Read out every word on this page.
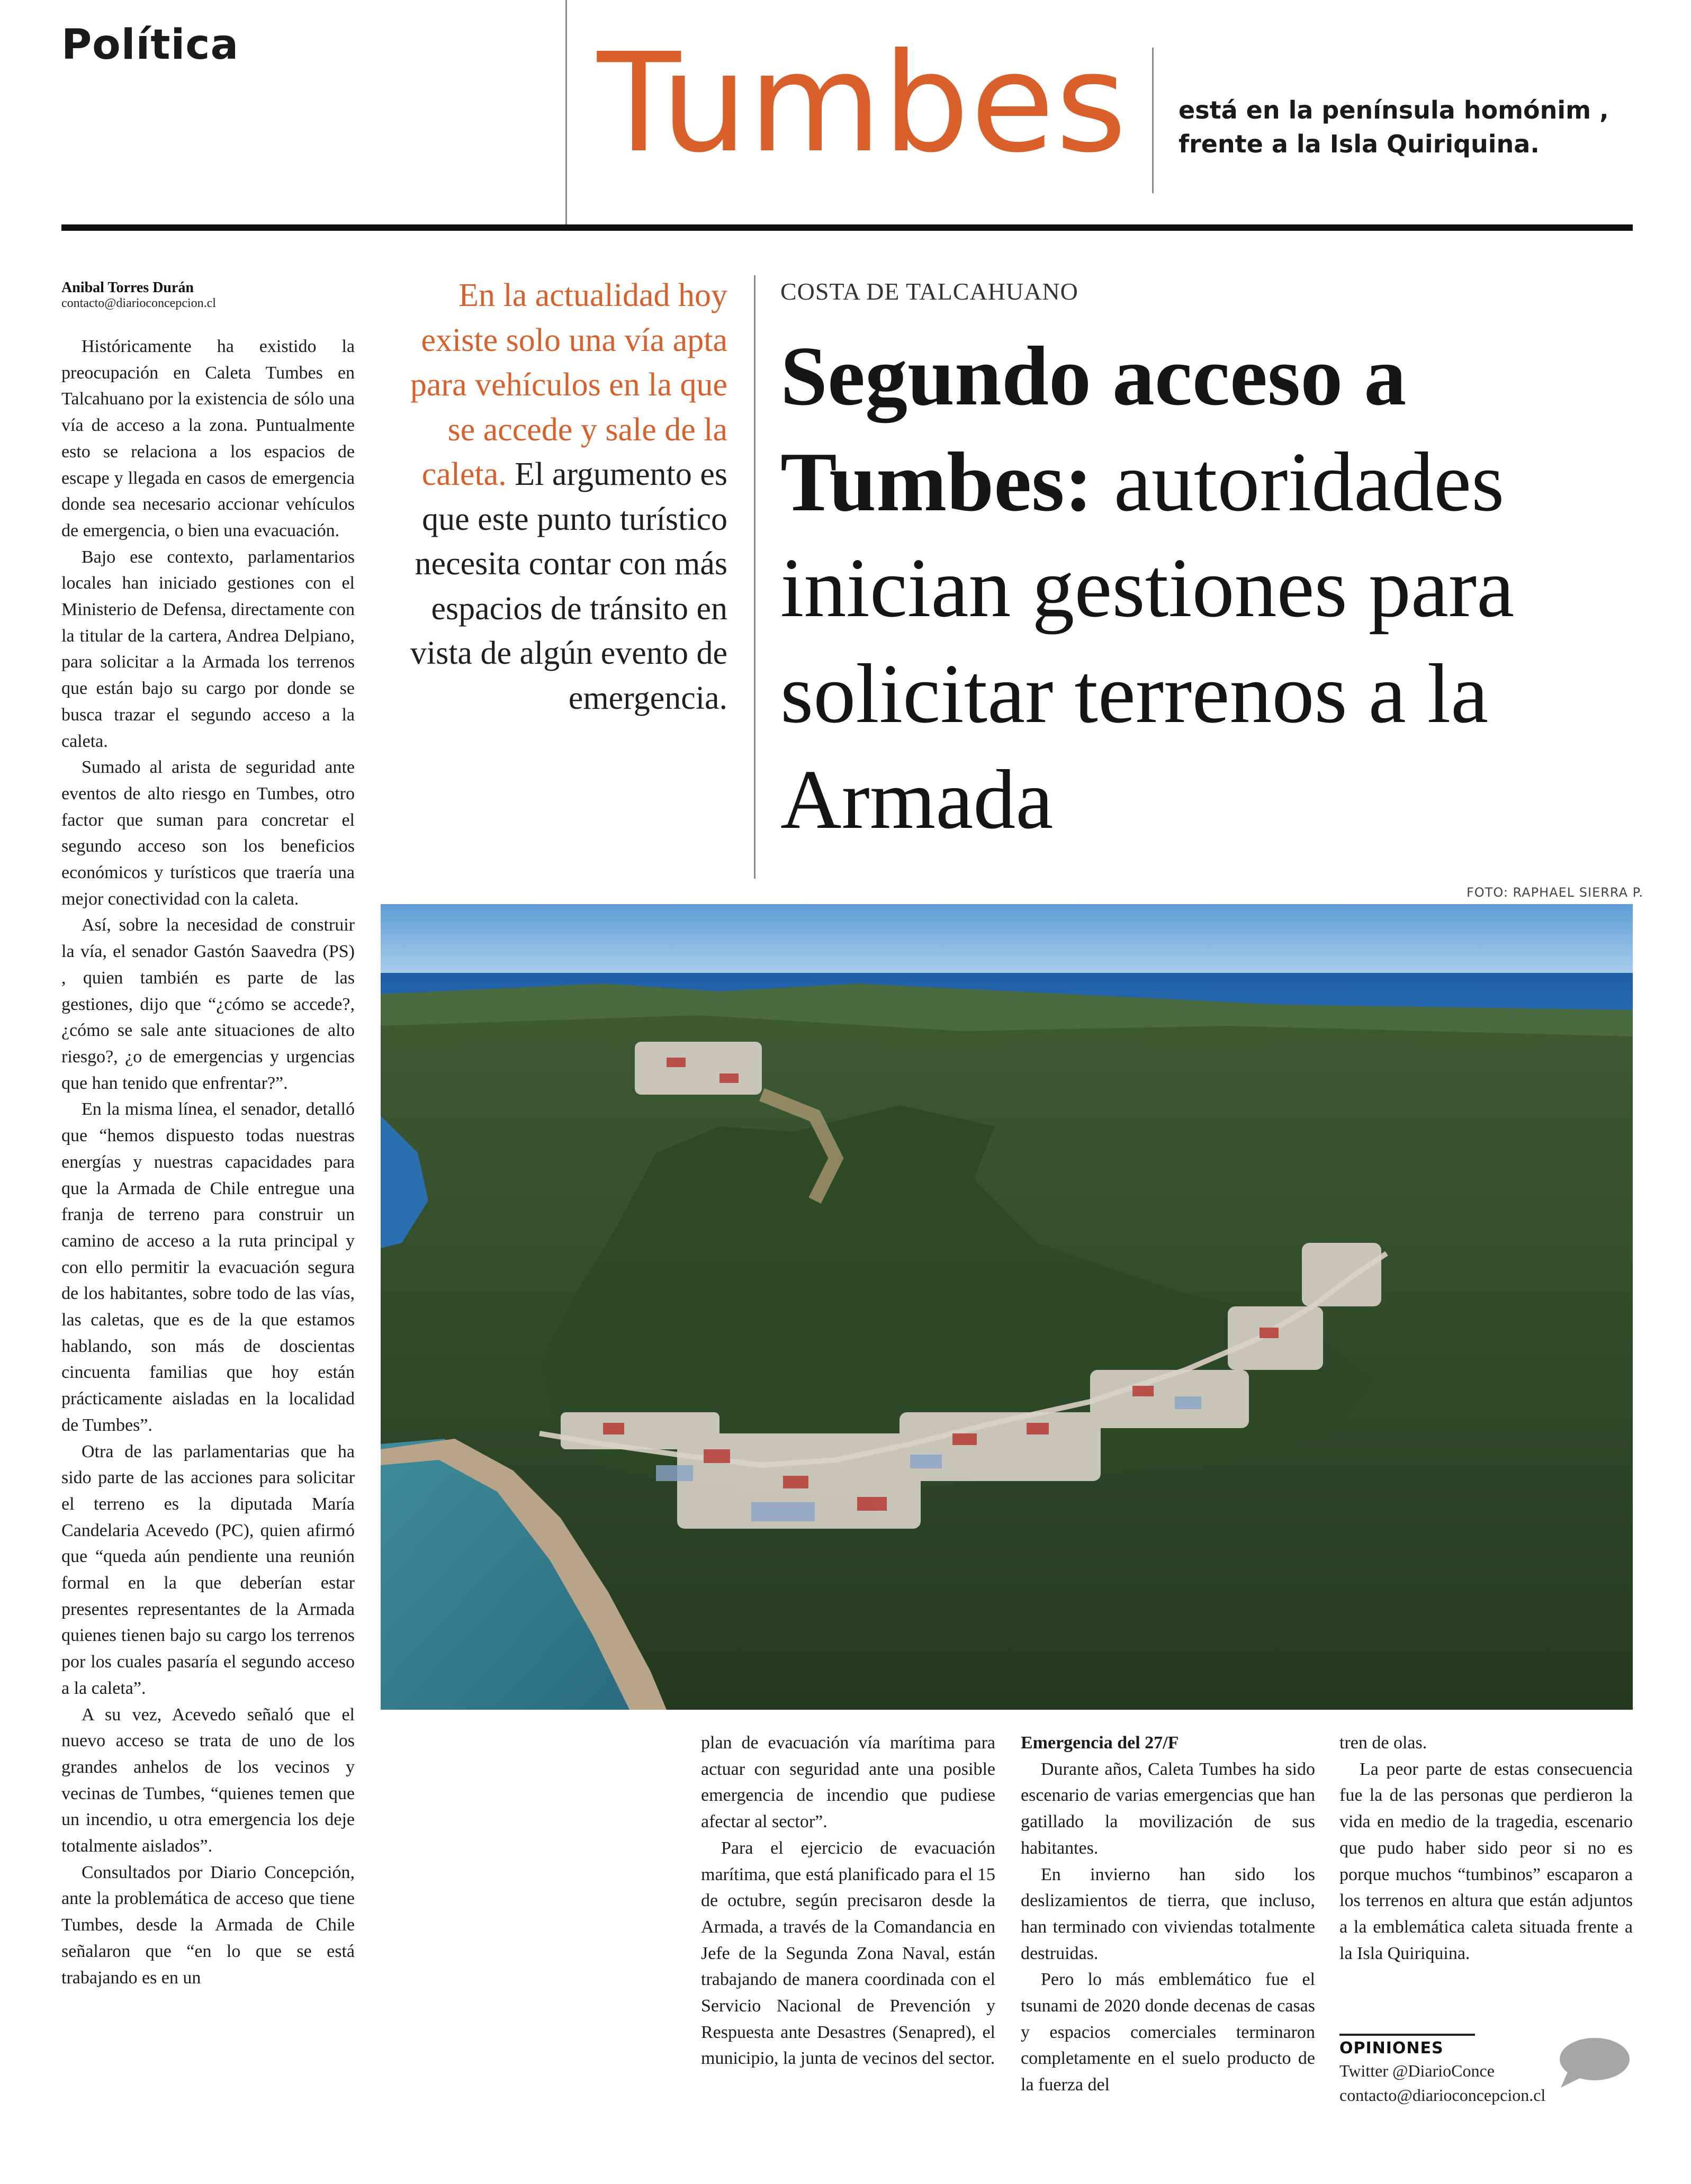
Política	Tumbes está en la península homónim ,
frente a la Isla Quiriquina.
Anibal Torres Durán
contacto@diarioconcepcion.cl

Históricamente ha existido la preocupación en Caleta Tumbes en Talcahuano por la existencia de sólo una vía de acceso a la zona. Puntualmente esto se relaciona a los espacios de escape y llegada en casos de emergencia donde sea necesario accionar vehículos de emergencia, o bien una evacuación.

Bajo ese contexto, parlamentarios locales han iniciado gestiones con el Ministerio de Defensa, directamente con la titular de la cartera, Andrea Delpiano, para solicitar a la Armada los terrenos que están bajo su cargo por donde se busca trazar el segundo acceso a la caleta.

Sumado al arista de seguridad ante eventos de alto riesgo en Tumbes, otro factor que suman para concretar el segundo acceso son los beneficios económicos y turísticos que traería una mejor conectividad con la caleta.

Así, sobre la necesidad de construir la vía, el senador Gastón Saavedra (PS) , quien también es parte de las gestiones, dijo que “¿cómo se accede?, ¿cómo se sale ante situaciones de alto riesgo?, ¿o de emergencias y urgencias que han tenido que enfrentar?”.

En la misma línea, el senador, detalló que “hemos dispuesto todas nuestras energías y nuestras capacidades para que la Armada de Chile entregue una franja de terreno para construir un camino de acceso a la ruta principal y con ello permitir la evacuación segura de los habitantes, sobre todo de las vías, las caletas, que es de la que estamos hablando, son más de doscientas cincuenta familias que hoy están prácticamente aisladas en la localidad de Tumbes”.

Otra de las parlamentarias que ha sido parte de las acciones para solicitar el terreno es la diputada María Candelaria Acevedo (PC), quien afirmó que “queda aún pendiente una reunión formal en la que deberían estar presentes representantes de la Armada quienes tienen bajo su cargo los terrenos por los cuales pasaría el segundo acceso a la caleta”.

A su vez, Acevedo señaló que el nuevo acceso se trata de uno de los grandes anhelos de los vecinos y vecinas de Tumbes, “quienes temen que un incendio, u otra emergencia los deje totalmente aislados”.

Consultados por Diario Concepción, ante la problemática de acceso que tiene Tumbes, desde la Armada de Chile señalaron que “en lo que se está trabajando es en un

En la actualidad hoy existe solo una vía apta para vehículos en la que se accede y sale de la caleta. El argumento es que este punto turístico necesita contar con más espacios de tránsito en vista de algún evento de emergencia.
COSTA DE TALCAHUANO
Segundo acceso a Tumbes: autoridades inician gestiones para solicitar terrenos a la Armada
FOTO: RAPHAEL SIERRA P.

plan de evacuación vía marítima para actuar con seguridad ante una posible emergencia de incendio que pudiese afectar al sector”.

Para el ejercicio de evacuación marítima, que está planificado para el 15 de octubre, según precisaron desde la Armada, a través de la Comandancia en Jefe de la Segunda Zona Naval, están trabajando de manera coordinada con el Servicio Nacional de Prevención y Respuesta ante Desastres (Senapred), el municipio, la junta de vecinos del sector.

Emergencia del 27/F

Durante años, Caleta Tumbes ha sido escenario de varias emergencias que han gatillado la movilización de sus habitantes.

En invierno han sido los deslizamientos de tierra, que incluso, han terminado con viviendas totalmente destruidas.

Pero lo más emblemático fue el tsunami de 2020 donde decenas de casas y espacios comerciales terminaron completamente en el suelo producto de la fuerza del

tren de olas.

La peor parte de estas consecuencia fue la de las personas que perdieron la vida en medio de la tragedia, escenario que pudo haber sido peor si no es porque muchos “tumbinos” escaparon a los terrenos en altura que están adjuntos a la emblemática caleta situada frente a la Isla Quiriquina.

OPINIONES
Twitter @DiarioConce
contacto@diarioconcepcion.cl
